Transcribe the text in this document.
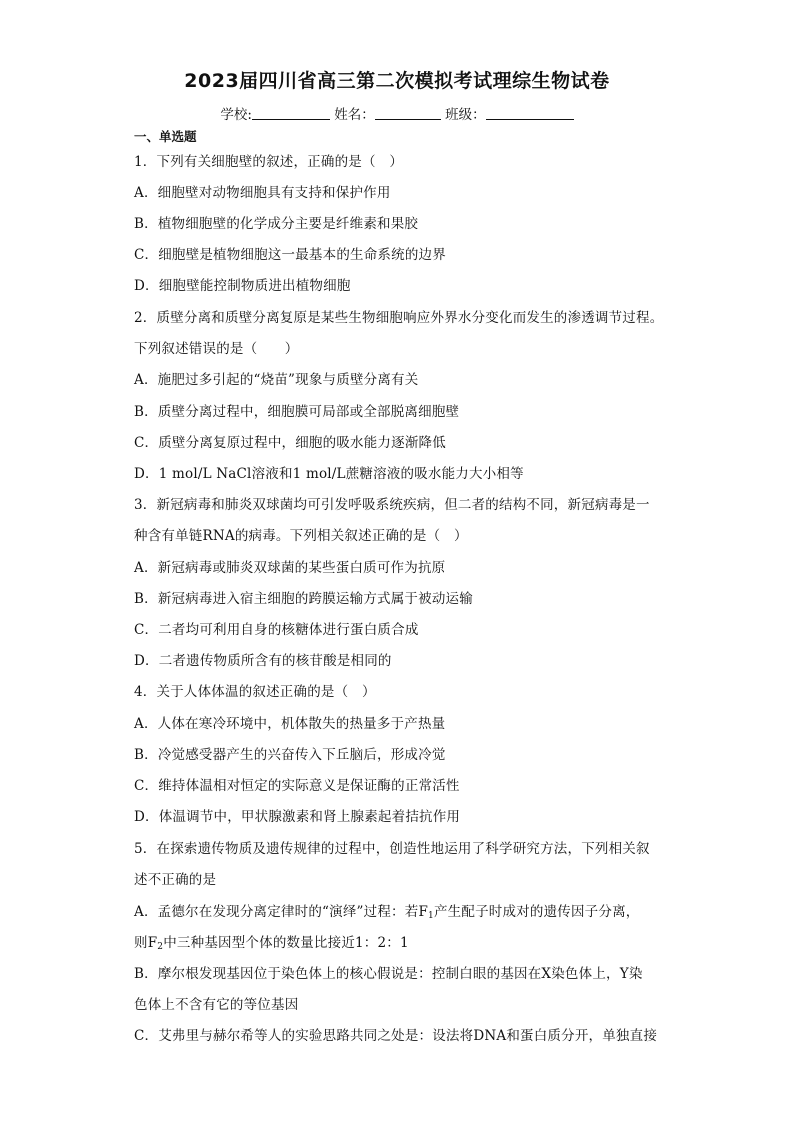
2023届四川省高三第二次模拟考试理综生物试卷
学校:	姓名：	班级：
一、单选题
1．下列有关细胞壁的叙述，正确的是（　）
A．细胞壁对动物细胞具有支持和保护作用
B．植物细胞壁的化学成分主要是纤维素和果胶
C．细胞壁是植物细胞这一最基本的生命系统的边界
D．细胞壁能控制物质进出植物细胞
2．质壁分离和质壁分离复原是某些生物细胞响应外界水分变化而发生的渗透调节过程。
下列叙述错误的是（　　）
A．施肥过多引起的“烧苗”现象与质壁分离有关
B．质壁分离过程中，细胞膜可局部或全部脱离细胞壁
C．质壁分离复原过程中，细胞的吸水能力逐渐降低
D．1 mol/L NaCl溶液和1 mol/L蔗糖溶液的吸水能力大小相等
3．新冠病毒和肺炎双球菌均可引发呼吸系统疾病，但二者的结构不同，新冠病毒是一
种含有单链RNA的病毒。下列相关叙述正确的是（　）
A．新冠病毒或肺炎双球菌的某些蛋白质可作为抗原
B．新冠病毒进入宿主细胞的跨膜运输方式属于被动运输
C．二者均可利用自身的核糖体进行蛋白质合成
D．二者遗传物质所含有的核苷酸是相同的
4．关于人体体温的叙述正确的是（　）
A．人体在寒冷环境中，机体散失的热量多于产热量
B．冷觉感受器产生的兴奋传入下丘脑后，形成冷觉
C．维持体温相对恒定的实际意义是保证酶的正常活性
D．体温调节中，甲状腺激素和肾上腺素起着拮抗作用
5．在探索遗传物质及遗传规律的过程中，创造性地运用了科学研究方法，下列相关叙
述不正确的是
A．孟德尔在发现分离定律时的“演绎”过程：若$F_1$产生配子时成对的遗传因子分离，
则$F_2$中三种基因型个体的数量比接近1：2：1
B．摩尔根发现基因位于染色体上的核心假说是：控制白眼的基因在X染色体上，Y染
色体上不含有它的等位基因
C．艾弗里与赫尔希等人的实验思路共同之处是：设法将DNA和蛋白质分开，单独直接
